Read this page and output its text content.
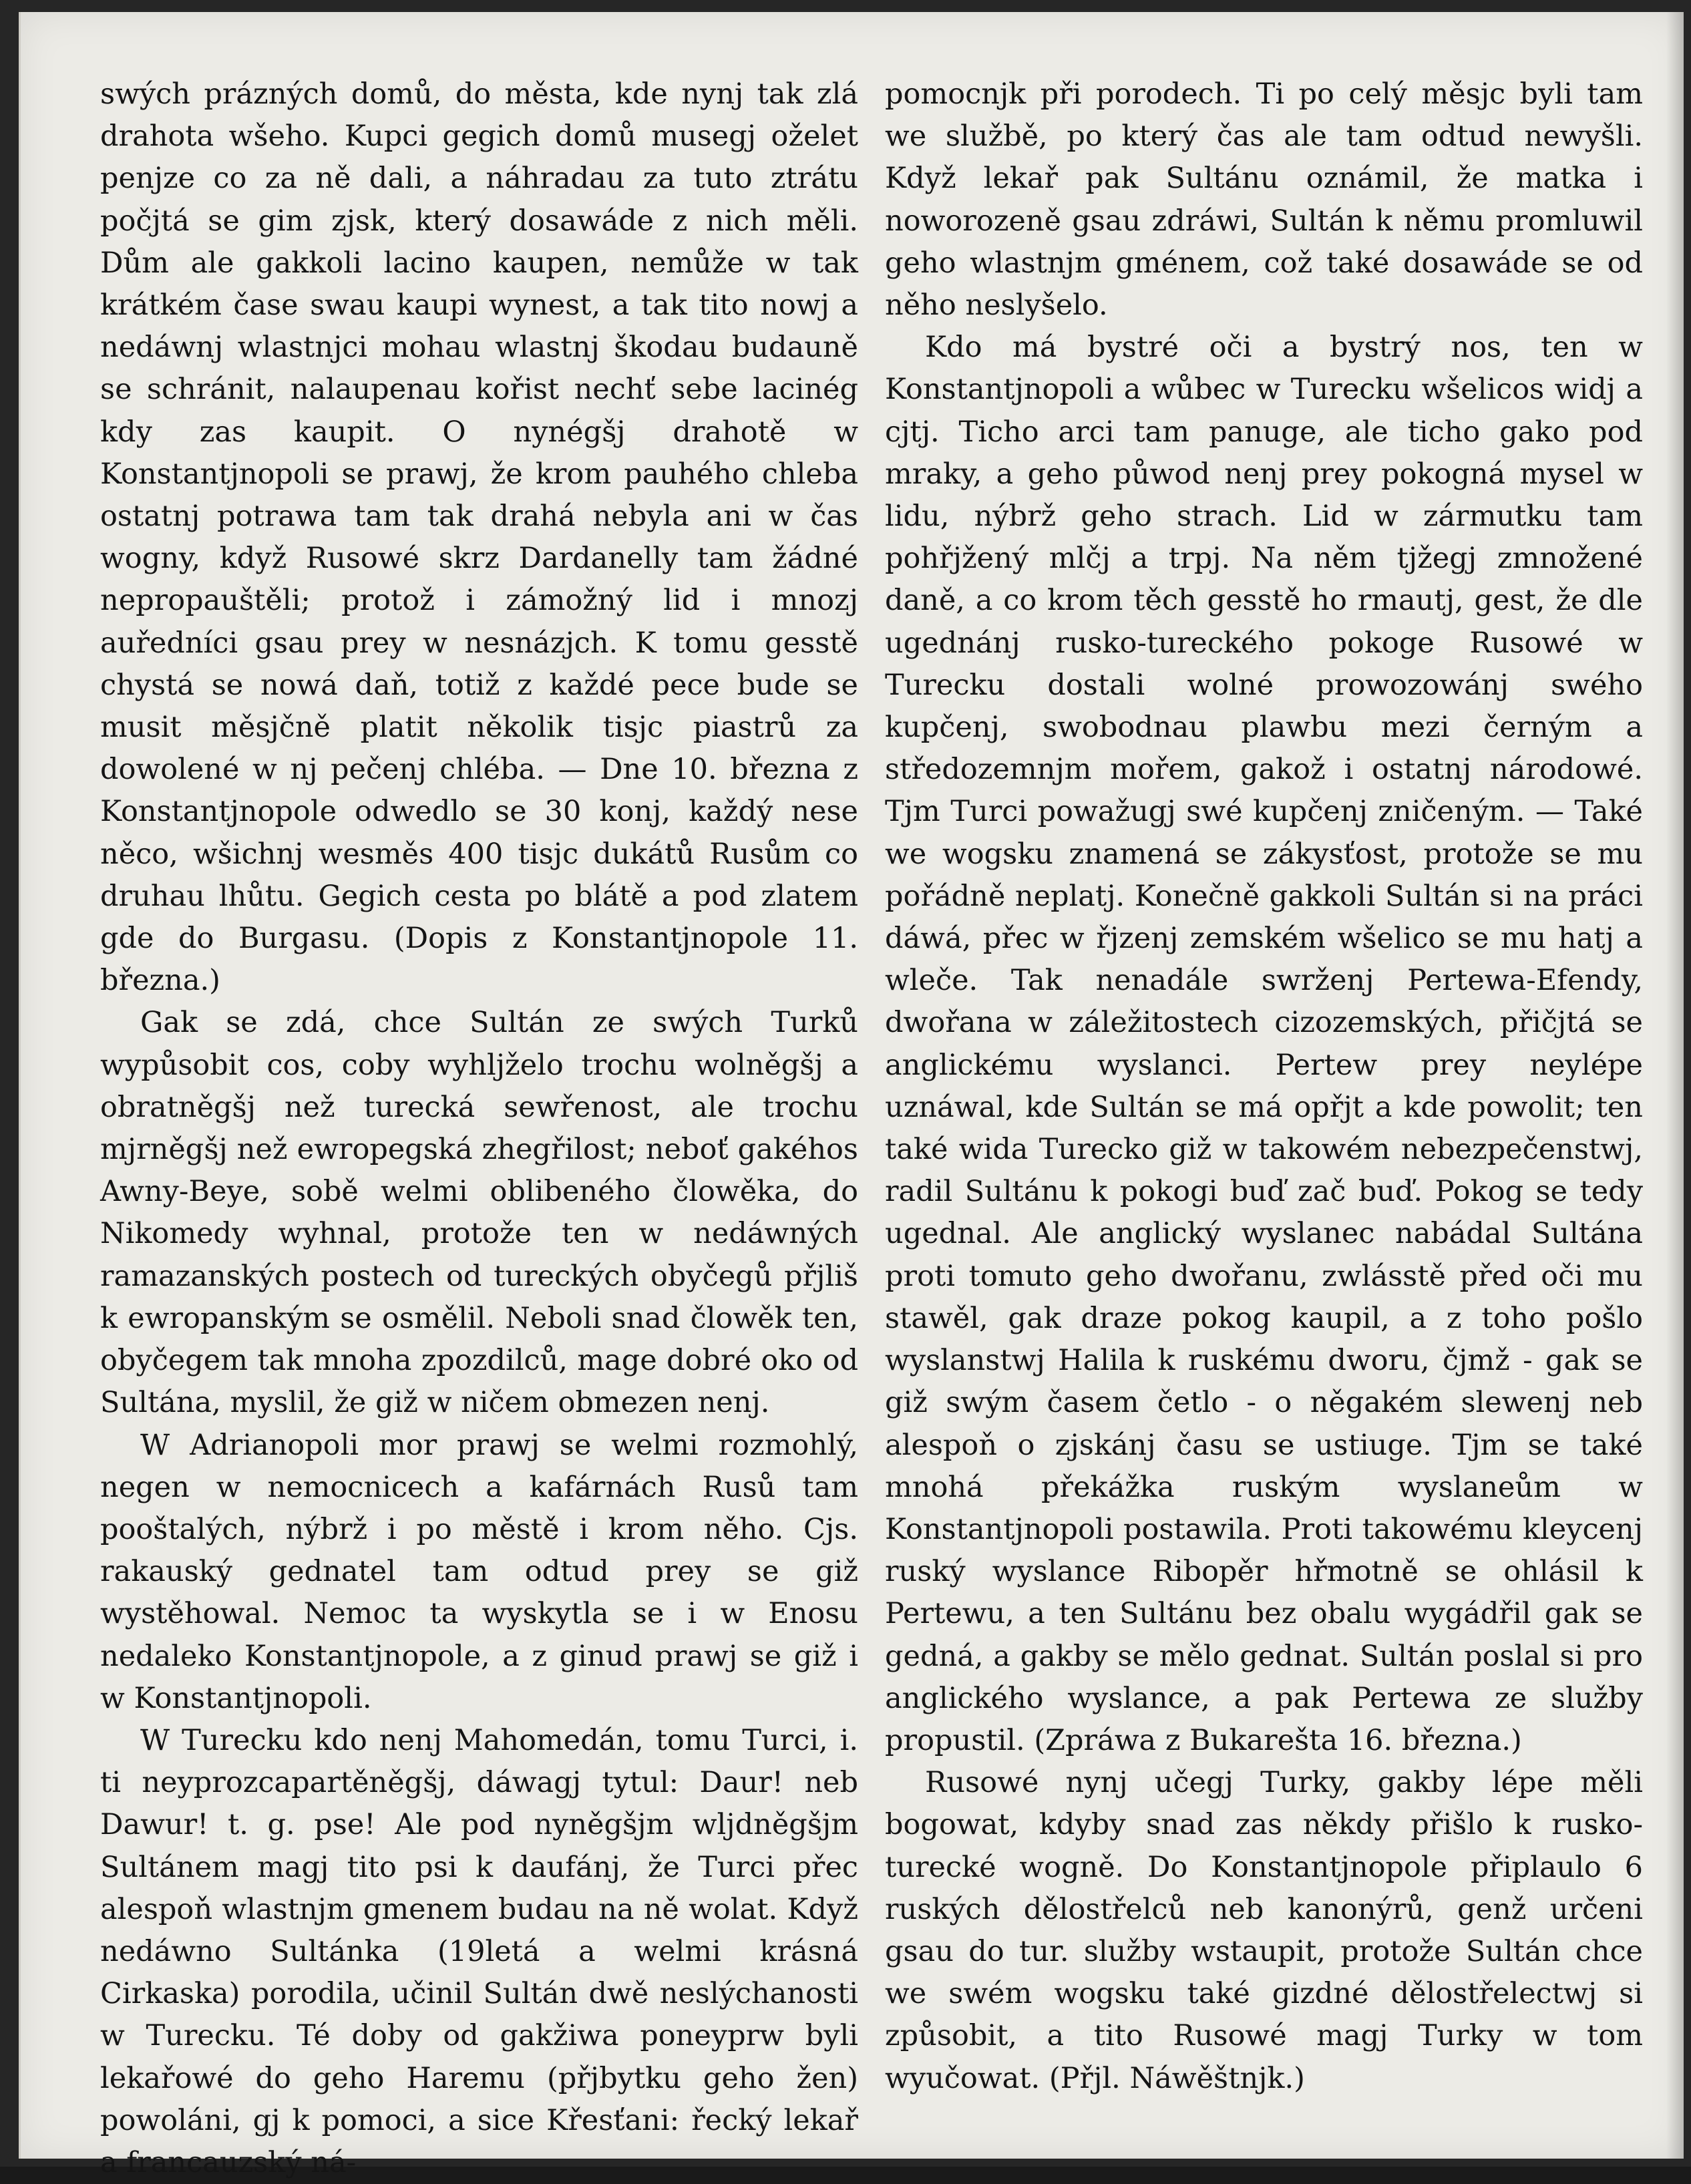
swých prázných domů, do města, kde nynj tak zlá drahota wšeho. Kupci gegich domů musegj oželet penjze co za ně dali, a náhradau za tuto ztrátu počjtá se gim zjsk, který dosawáde z nich měli. Dům ale gakkoli lacino kaupen, nemůže w tak krátkém čase swau kaupi wynest, a tak tito nowj a nedáwnj wlastnjci mohau wlastnj škodau budauně se schránit, nalaupenau kořist nechť sebe lacinég kdy zas kaupit. O nynégšj drahotě w Konstantjnopoli se prawj, že krom pauhého chleba ostatnj potrawa tam tak drahá nebyla ani w čas wogny, když Rusowé skrz Dardanelly tam žádné nepropauštěli; protož i zámožný lid i mnozj auředníci gsau prey w nesnázjch. K tomu gesstě chystá se nowá daň, totiž z každé pece bude se musit měsjčně platit několik tisjc piastrů za dowolené w nj pečenj chléba. — Dne 10. března z Konstantjnopole odwedlo se 30 konj, každý nese něco, wšichnj wesměs 400 tisjc dukátů Rusům co druhau lhůtu. Gegich cesta po blátě a pod zlatem gde do Burgasu. (Dopis z Konstantjnopole 11. března.)

Gak se zdá, chce Sultán ze swých Turků wypůsobit cos, coby wyhljželo trochu wolněgšj a obratněgšj než turecká sewřenost, ale trochu mjrněgšj než ewropegská zhegřilost; neboť gakéhos Awny-Beye, sobě welmi oblibeného člowěka, do Nikomedy wyhnal, protože ten w nedáwných ramazanských postech od tureckých obyčegů přjliš k ewropanským se osmělil. Neboli snad člowěk ten, obyčegem tak mnoha zpozdilců, mage dobré oko od Sultána, myslil, že giž w ničem obmezen nenj.

W Adrianopoli mor prawj se welmi rozmohlý, negen w nemocnicech a kafárnách Rusů tam pooštalých, nýbrž i po městě i krom něho. Cjs. rakauský gednatel tam odtud prey se giž wystěhowal. Nemoc ta wyskytla se i w Enosu nedaleko Konstantjnopole, a z ginud prawj se giž i w Konstantjnopoli.

W Turecku kdo nenj Mahomedán, tomu Turci, i. ti neyprozcapartěněgšj, dáwagj tytul: Daur! neb Dawur! t. g. pse! Ale pod nyněgšjm wljdněgšjm Sultánem magj tito psi k daufánj, že Turci přec alespoň wlastnjm gmenem budau na ně wolat. Když nedáwno Sultánka (19letá a welmi krásná Cirkaska) porodila, učinil Sultán dwě neslýchanosti w Turecku. Té doby od gakžiwa poneyprw byli lekařowé do geho Haremu (přjbytku geho žen) powoláni, gj k pomoci, a sice Křesťani: řecký lekař a francauzský ná-

pomocnjk při porodech. Ti po celý měsjc byli tam we službě, po který čas ale tam odtud newyšli. Když lekař pak Sultánu oznámil, že matka i noworozeně gsau zdráwi, Sultán k němu promluwil geho wlastnjm gménem, což také dosawáde se od něho neslyšelo.

Kdo má bystré oči a bystrý nos, ten w Konstantjnopoli a wůbec w Turecku wšelicos widj a cjtj. Ticho arci tam panuge, ale ticho gako pod mraky, a geho půwod nenj prey pokogná mysel w lidu, nýbrž geho strach. Lid w zármutku tam pohřjžený mlčj a trpj. Na něm tjžegj zmnožené daně, a co krom těch gesstě ho rmautj, gest, že dle ugednánj rusko-tureckého pokoge Rusowé w Turecku dostali wolné prowozowánj swého kupčenj, swobodnau plawbu mezi černým a středozemnjm mořem, gakož i ostatnj národowé. Tjm Turci powažugj swé kupčenj zničeným. — Také we wogsku znamená se zákysťost, protože se mu pořádně neplatj. Konečně gakkoli Sultán si na práci dáwá, přec w řjzenj zemském wšelico se mu hatj a wleče. Tak nenadále swrženj Pertewa-Efendy, dwořana w záležitostech cizozemských, přičjtá se anglickému wyslanci. Pertew prey neylépe uznáwal, kde Sultán se má opřjt a kde powolit; ten také wida Turecko giž w takowém nebezpečenstwj, radil Sultánu k pokogi buď zač buď. Pokog se tedy ugednal. Ale anglický wyslanec nabádal Sultána proti tomuto geho dwořanu, zwlásstě před oči mu stawěl, gak draze pokog kaupil, a z toho pošlo wyslanstwj Halila k ruskému dworu, čjmž - gak se giž swým časem četlo - o něgakém slewenj neb alespoň o zjskánj času se ustiuge. Tjm se také mnohá překážka ruským wyslaneům w Konstantjnopoli postawila. Proti takowému kleycenj ruský wyslance Ribopěr hřmotně se ohlásil k Pertewu, a ten Sultánu bez obalu wygádřil gak se gedná, a gakby se mělo gednat. Sultán poslal si pro anglického wyslance, a pak Pertewa ze služby propustil. (Zpráwa z Bukarešta 16. března.)

Rusowé nynj učegj Turky, gakby lépe měli bogowat, kdyby snad zas někdy přišlo k rusko-turecké wogně. Do Konstantjnopole připlaulo 6 ruských dělostřelců neb kanonýrů, genž určeni gsau do tur. služby wstaupit, protože Sultán chce we swém wogsku také gizdné dělostřelectwj si způsobit, a tito Rusowé magj Turky w tom wyučowat. (Přjl. Náwěštnjk.)
